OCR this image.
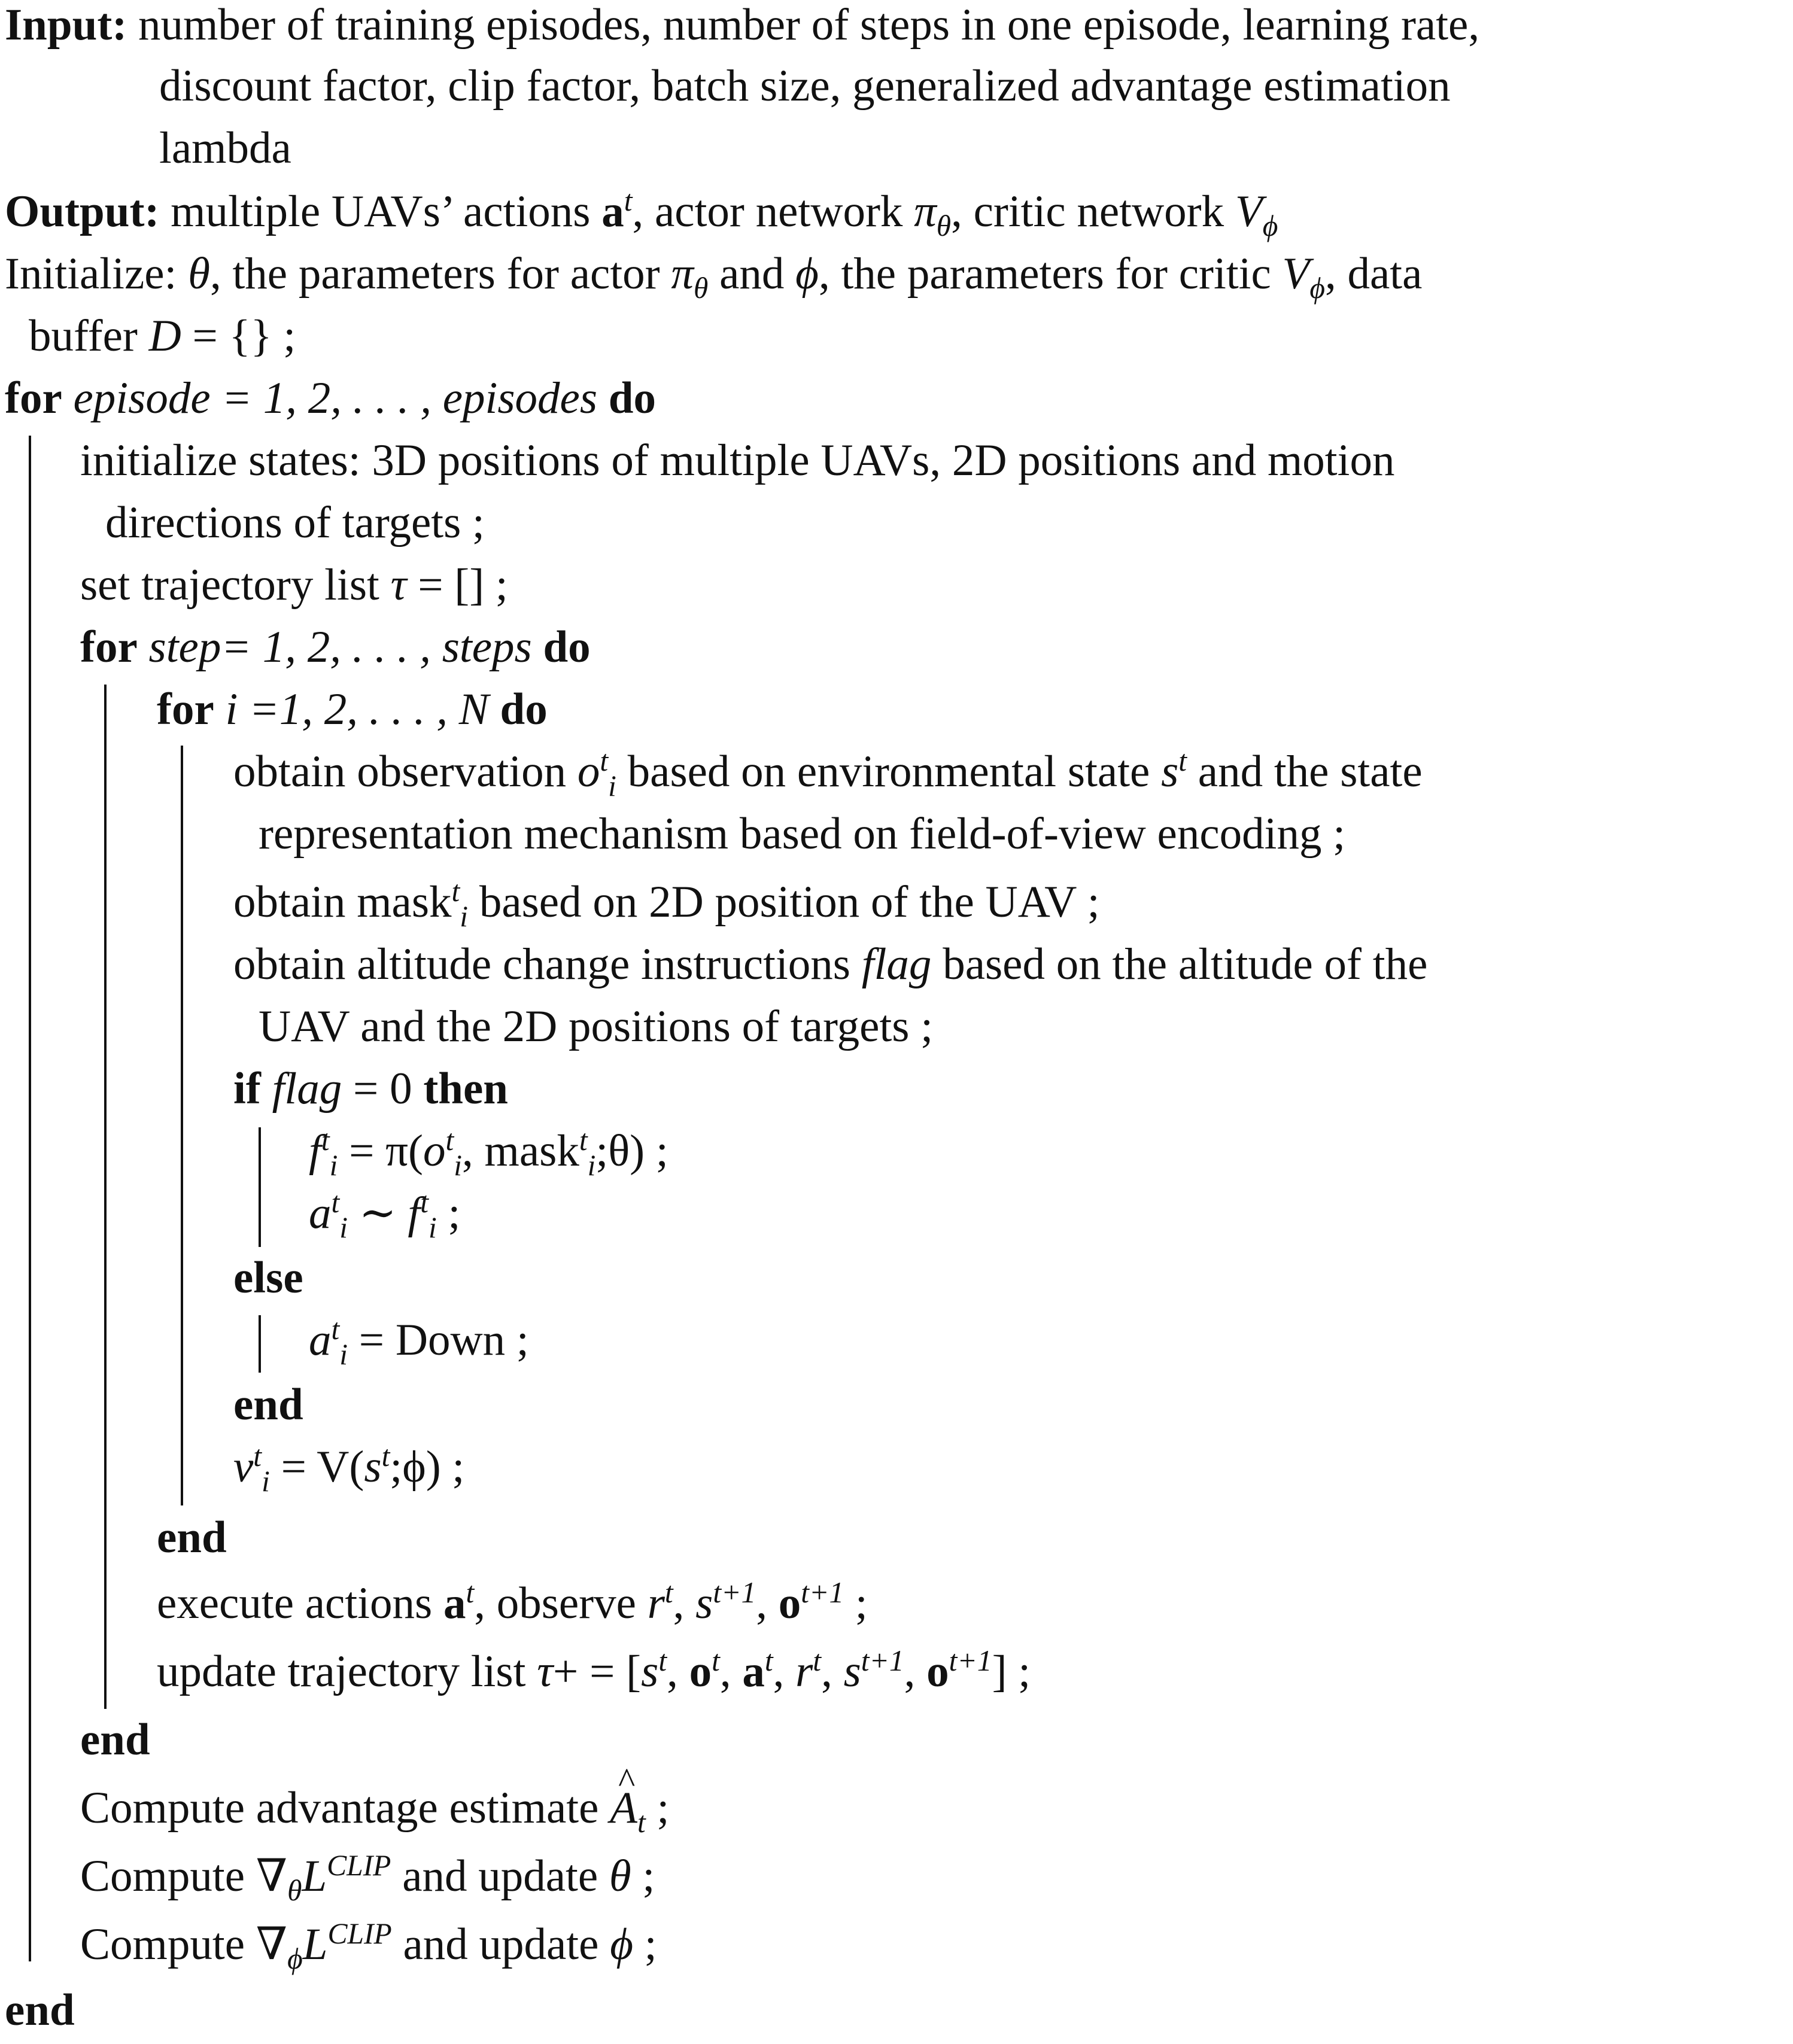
Input: number of training episodes, number of steps in one episode, learning rate,
discount factor, clip factor, batch size, generalized advantage estimation
lambda
Output: multiple UAVs’ actions $a^t$, actor network $\pi_\theta$, critic network $V_\phi$
Initialize: θ, the parameters for actor $\pi_\theta$ and ϕ, the parameters for critic $V_\phi$, data
buffer D = {} ;
for episode = 1, 2, . . . , episodes do
initialize states: 3D positions of multiple UAVs, 2D positions and motion
directions of targets ;
set trajectory list τ = [] ;
for step= 1, 2, . . . , steps do
for i =1, 2, . . . , N do
obtain observation $o^t_i$ based on environmental state $s^t$ and the state
representation mechanism based on field-of-view encoding ;
obtain mask$^t_i$ based on 2D position of the UAV ;
obtain altitude change instructions flag based on the altitude of the
UAV and the 2D positions of targets ;
if flag = 0 then
$f^t_i = \pi(o^t_i$, mask$^t_i$;θ) ;
$a^t_i$ ∼ $f^t_i$ ;
else
$a^t_i$ = Down ;
end
$v^t_i$ = $V(s^t;\phi)$ ;
end
execute actions $a^t$, observe $r^t$, $s^{t+1}$, $o^{t+1}$ ;
update trajectory list $\tau+ = [s^t$, $o^t$, $a^t$, $r^t$, $s^{t+1}$, $o^{t+1}$] ;
end
Compute advantage estimate ^ $A_t$ ;
Compute $\nabla_\theta L^{CLIP}$ and update θ ;
Compute $\nabla_\phi L^{CLIP}$ and update ϕ ;
end
